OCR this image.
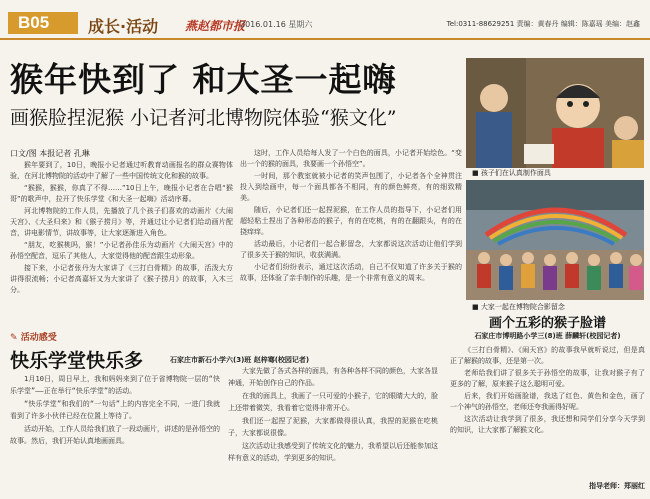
B05 成长·活动 燕赵都市报
2016.01.16 星期六	Tel:0311-88629251 责编：黄春丹 编辑：陈嘉瑶 美编：赵鑫
猴年快到了 和大圣一起嗨
画猴脸捏泥猴 小记者河北博物院体验“猴文化”
口文/图 本报记者 孔琳

猴年要到了，10日，晚报小记者通过听教育动画报名的群众赛物体验，在河北博物院的活动中了解了一些中国传统文化和猴的故事。

“猴猴，猴猴，你真了不得……”10日上午，晚报小记者在合唱“猴哥”的歌声中，拉开了快乐学堂《和大圣一起嗨》活动序幕。

河北博物院的工作人员，先播放了几个孩子们喜欢的动画片《大闹天宫》、《大圣归来》和《猴子捞月》等，并通过让小记者们给动画片配音，讲电影情节，讲故事等，让大家逐渐进入角色。

“朋友，吃猴桃吗，猴！”小记者孙佳乐为动画片《大闹天宫》中的孙悟空配音，逗乐了其他人，大家觉得他的配音跟生动形象。

接下来，小记者张丹为大家讲了《三打白骨精》的故事，活泼大方讲得很流畅；小记者高嘉轩又为大家讲了《猴子捞月》的故事，入木三分。

这时，工作人员给每人发了一个白色的面具，小记者开始绘色。“变出一个的猴的面具，我要画一个孙悟空”。

一时间，那个教室就被小记者的笑声包围了，小记者各个全神贯注投入到绘画中，每一个面具都各不相同，有的颜色鲜亮，有的细致精美。

随后，小记者们还一起捏泥猴，在工作人员的指导下，小记者们用超轻粘土捏出了各种形态的猴子，有的在吃桃，有的在翻跟头，有的在挠痒痒。

活动最后，小记者们一起合影留念，大家都说这次活动让他们学到了很多关于猴的知识，收获满满。

小记者们纷纷表示，通过这次活动，自己不仅知道了许多关于猴的故事，还体验了亲手制作的乐趣，是一个非常有意义的周末。

■ 孩子们在认真制作面具
■ 大家一起在博物院合影留念
✎ 活动感受
快乐学堂快乐多	石家庄市新石小学六(3)班 赵梓骞(校园记者)

1月10日，周日早上，我和妈妈来到了位于省博物院一层的“快乐学堂”——正在举行“快乐学堂”的活动。

“快乐学堂”和我们的“一句话”上的内容完全不同，一进门我就看到了许多小伙伴已经在位置上等待了。

活动开始，工作人员给我们放了一段动画片，讲述的是孙悟空的故事。然后，我们开始认真地画面具。

大家先做了各式各样的面具，有各种各样不同的颜色，大家各显神通，开始创作自己的作品。

在我的面具上，我画了一只可爱的小猴子，它的眼睛大大的，脸上还带着微笑，我看着它觉得非常开心。

我们还一起捏了泥猴，大家都做得很认真，我捏的泥猴在吃桃子，大家都说很像。

这次活动让我感受到了传统文化的魅力，我希望以后还能参加这样有意义的活动，学到更多的知识。

画个五彩的猴子脸谱
石家庄市博明路小学三(8)班 薛麟轩(校园记者)

《三打白骨精》、《闹天宫》的故事我早就听说过，但是真正了解猴的故事，还是第一次。

老师给我们讲了很多关于孙悟空的故事，让我对猴子有了更多的了解，原来猴子这么聪明可爱。

后来，我们开始画脸谱，我选了红色、黄色和金色，画了一个神气的孙悟空，老师还夸我画得好呢。

这次活动让我学到了很多，我还想和同学们分享今天学到的知识，让大家都了解猴文化。

指导老师：郑丽红
